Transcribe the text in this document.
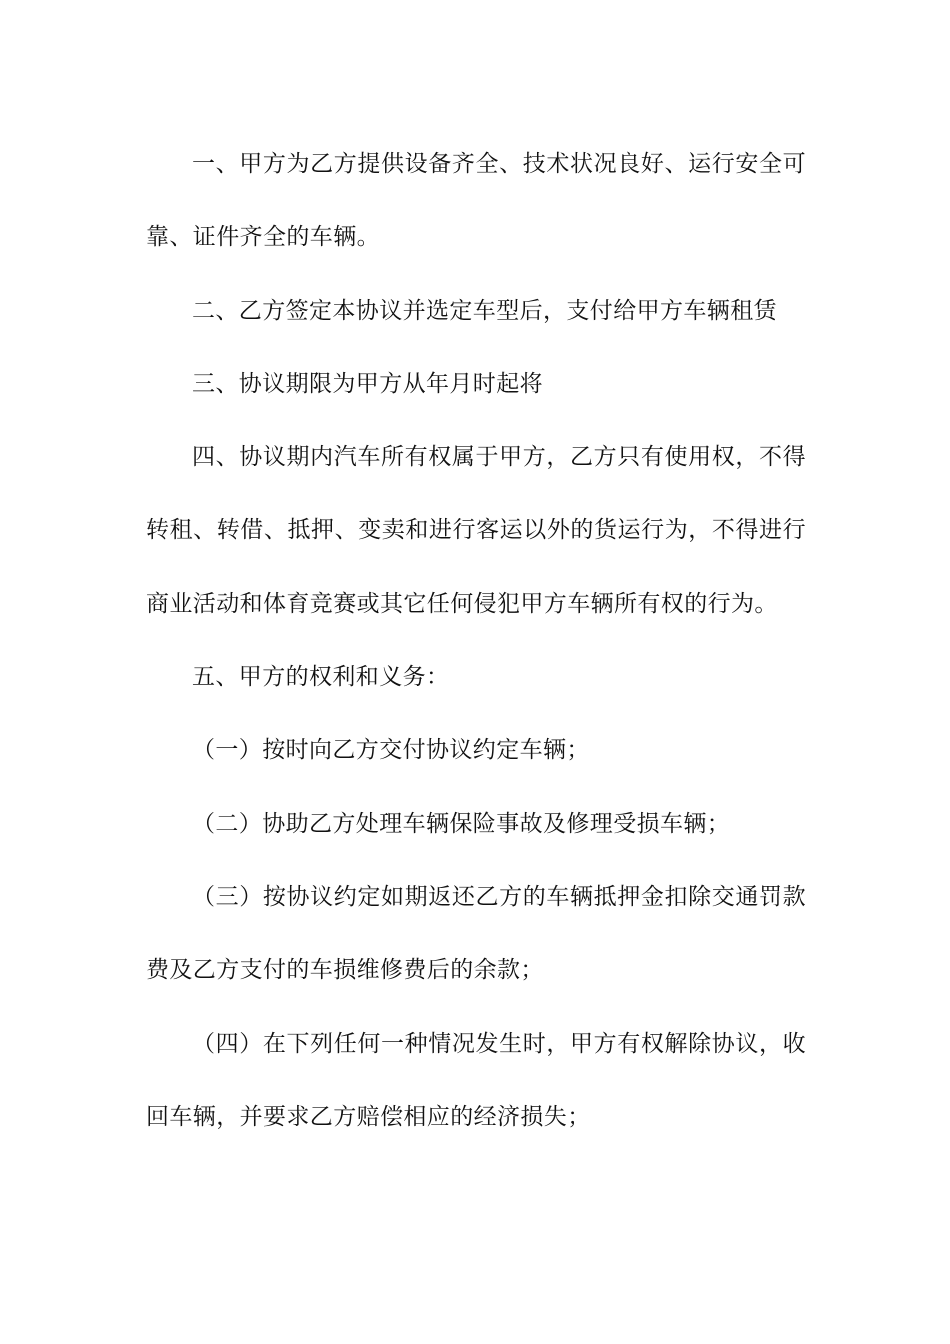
一、甲方为乙方提供设备齐全、技术状况良好、运行安全可靠、证件齐全的车辆。

二、乙方签定本协议并选定车型后，支付给甲方车辆租赁

三、协议期限为甲方从年月时起将

四、协议期内汽车所有权属于甲方，乙方只有使用权，不得转租、转借、抵押、变卖和进行客运以外的货运行为，不得进行商业活动和体育竞赛或其它任何侵犯甲方车辆所有权的行为。

五、甲方的权利和义务：

（一）按时向乙方交付协议约定车辆；

（二）协助乙方处理车辆保险事故及修理受损车辆；

（三）按协议约定如期返还乙方的车辆抵押金扣除交通罚款费及乙方支付的车损维修费后的余款；

（四）在下列任何一种情况发生时，甲方有权解除协议，收回车辆，并要求乙方赔偿相应的经济损失；
